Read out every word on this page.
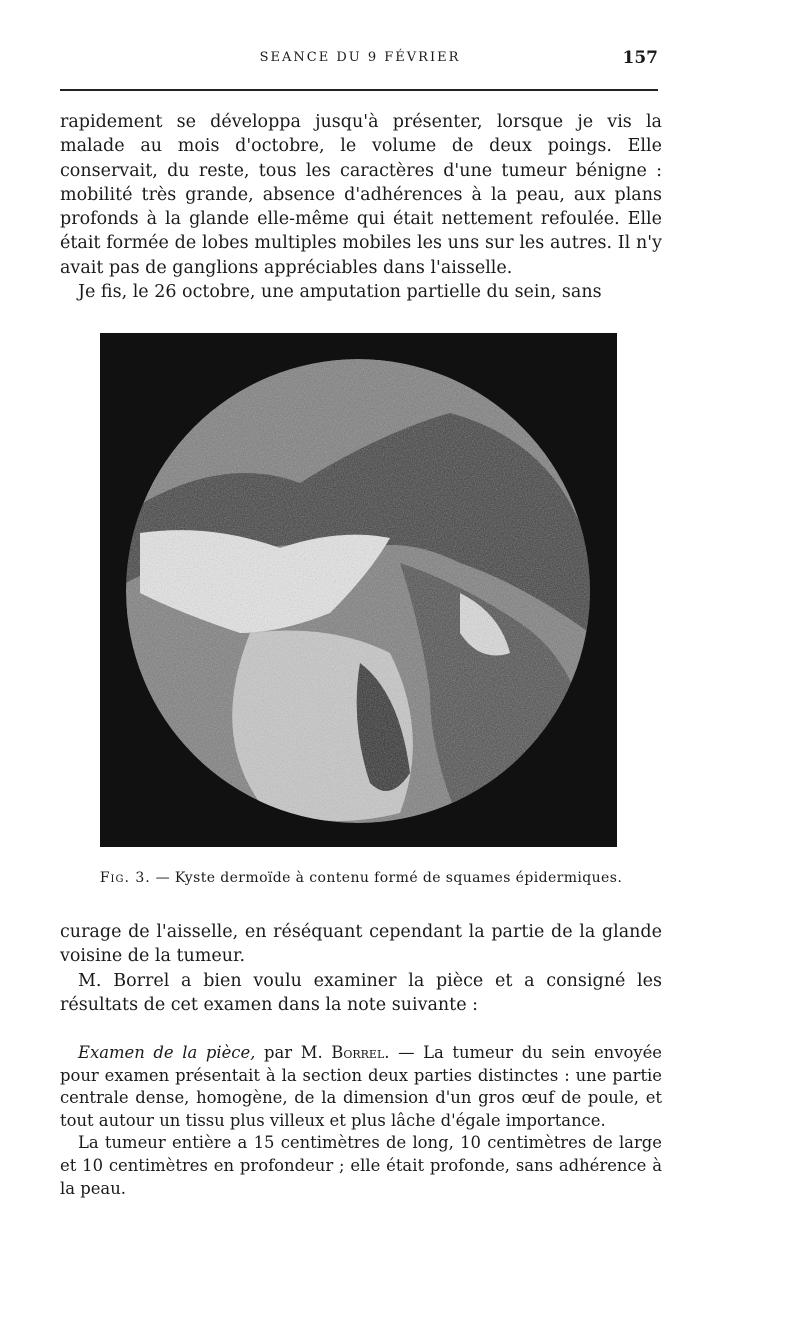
SEANCE DU 9 FÉVRIER	157

rapidement se développa jusqu'à présenter, lorsque je vis la malade au mois d'octobre, le volume de deux poings. Elle conservait, du reste, tous les caractères d'une tumeur bénigne : mobilité très grande, absence d'adhérences à la peau, aux plans profonds à la glande elle-même qui était nettement refoulée. Elle était formée de lobes multiples mobiles les uns sur les autres. Il n'y avait pas de ganglions appréciables dans l'aisselle.

Je fis, le 26 octobre, une amputation partielle du sein, sans

Fig. 3. — Kyste dermoïde à contenu formé de squames épidermiques.

curage de l'aisselle, en réséquant cependant la partie de la glande voisine de la tumeur.

M. Borrel a bien voulu examiner la pièce et a consigné les résultats de cet examen dans la note suivante :

Examen de la pièce, par M. Borrel. — La tumeur du sein envoyée pour examen présentait à la section deux parties distinctes : une partie centrale dense, homogène, de la dimension d'un gros œuf de poule, et tout autour un tissu plus villeux et plus lâche d'égale importance.

La tumeur entière a 15 centimètres de long, 10 centimètres de large et 10 centimètres en profondeur ; elle était profonde, sans adhérence à la peau.
